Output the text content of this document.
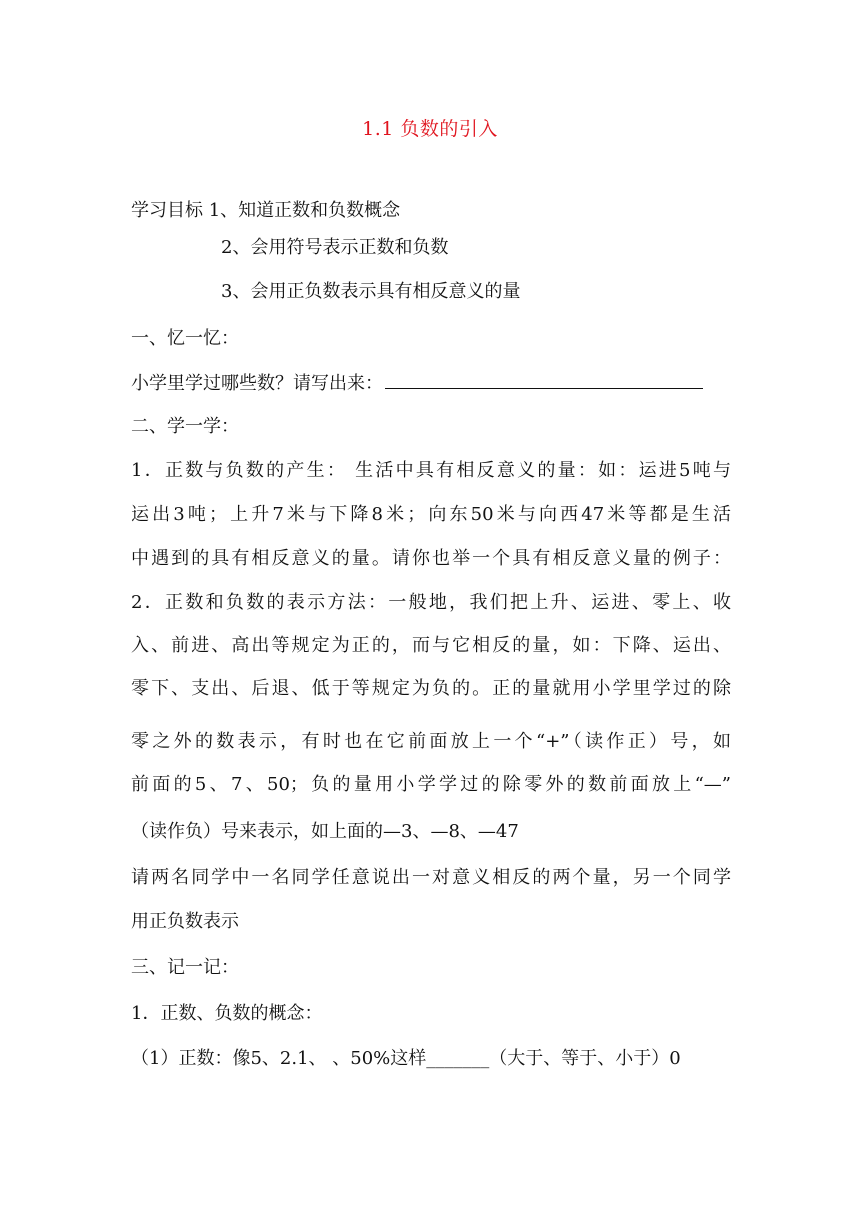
1.1 负数的引入
学习目标 1、知道正数和负数概念
2、会用符号表示正数和负数
3、会用正负数表示具有相反意义的量
一、忆一忆：
小学里学过哪些数？请写出来：
二、学一学：
1．正数与负数的产生： 生活中具有相反意义的量：如：运进5吨与
运出3吨；上升7米与下降8米；向东50米与向西47米等都是生活
中遇到的具有相反意义的量。请你也举一个具有相反意义量的例子：
2．正数和负数的表示方法：一般地，我们把上升、运进、零上、收
入、前进、高出等规定为正的，而与它相反的量，如：下降、运出、
零下、支出、后退、低于等规定为负的。正的量就用小学里学过的除
零之外的数表示，有时也在它前面放上一个“+”（读作正）号，如
前面的5、7、50；负的量用小学学过的除零外的数前面放上“—”
（读作负）号来表示，如上面的—3、—8、—47
请两名同学中一名同学任意说出一对意义相反的两个量，另一个同学
用正负数表示
三、记一记：
1．正数、负数的概念：
（1）正数：像5、2.1、 、50%这样_______（大于、等于、小于）0
